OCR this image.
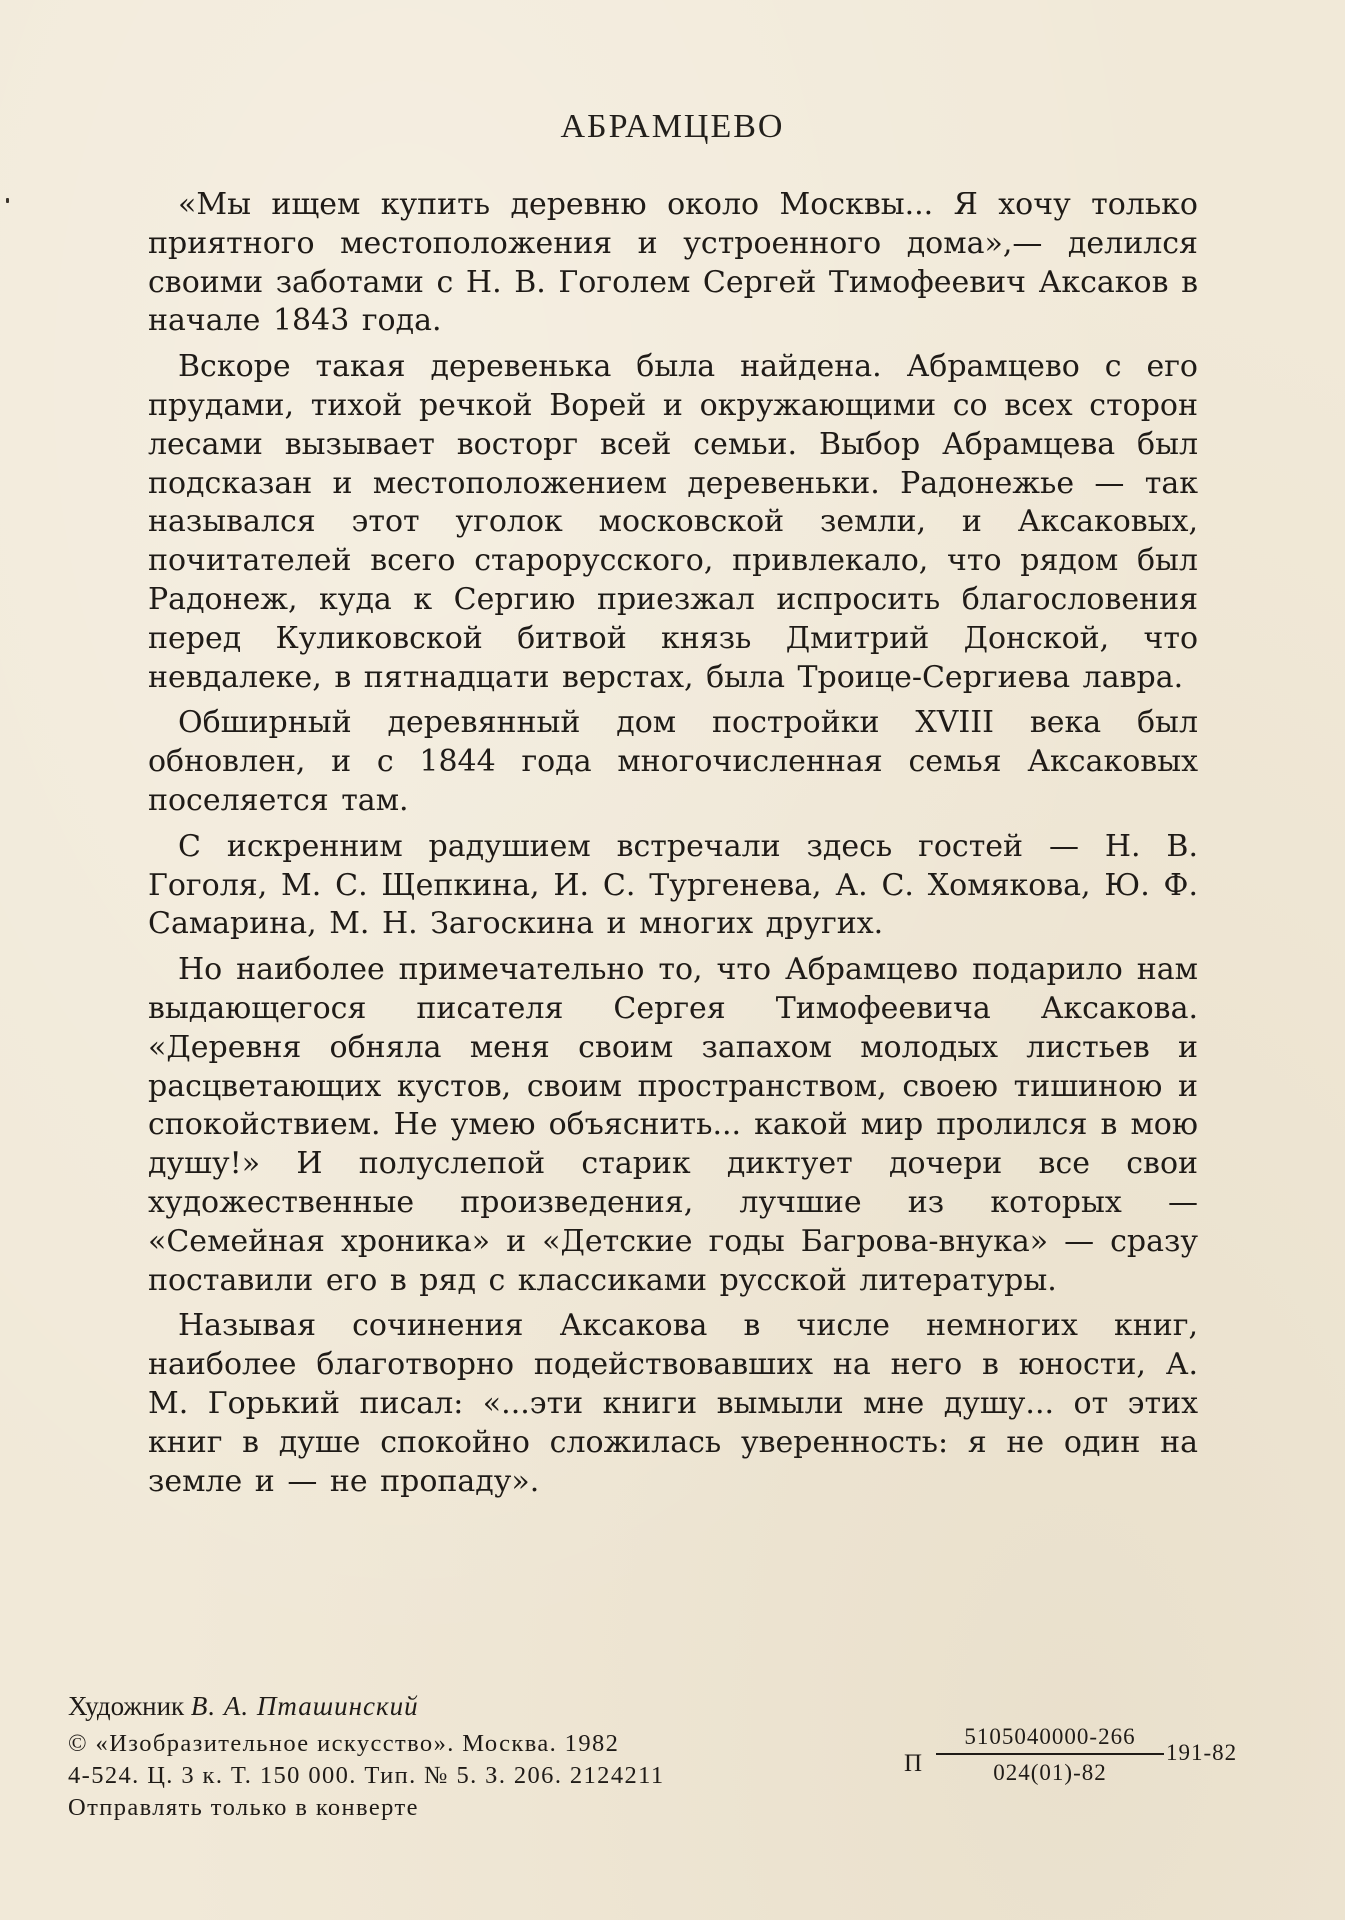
АБРАМЦЕВО

«Мы ищем купить деревню около Москвы... Я хочу только приятного местоположения и устроенного дома»,— делился своими заботами с Н. В. Гоголем Сергей Тимофеевич Аксаков в начале 1843 года.

Вскоре такая деревенька была найдена. Абрамцево с его прудами, тихой речкой Ворей и окружающими со всех сторон лесами вызывает восторг всей семьи. Выбор Абрамцева был подсказан и местоположением деревеньки. Радонежье — так назывался этот уголок московской земли, и Аксаковых, почитателей всего старорусского, привлекало, что рядом был Радонеж, куда к Сергию приезжал испросить благословения перед Куликовской битвой князь Дмитрий Донской, что невдалеке, в пятнадцати верстах, была Троице-Сергиева лавра.

Обширный деревянный дом постройки XVIII века был обновлен, и с 1844 года многочисленная семья Аксаковых поселяется там.

С искренним радушием встречали здесь гостей — Н. В. Гоголя, М. С. Щепкина, И. С. Тургенева, А. С. Хомякова, Ю. Ф. Самарина, М. Н. Загоскина и многих других.

Но наиболее примечательно то, что Абрамцево подарило нам выдающегося писателя Сергея Тимофеевича Аксакова. «Деревня обняла меня своим запахом молодых листьев и расцветающих кустов, своим пространством, своею тишиною и спокойствием. Не умею объяснить... какой мир пролился в мою душу!» И полуслепой старик диктует дочери все свои художественные произведения, лучшие из которых — «Семейная хроника» и «Детские годы Багрова-внука» — сразу поставили его в ряд с классиками русской литературы.

Называя сочинения Аксакова в числе немногих книг, наиболее благотворно подействовавших на него в юности, А. М. Горький писал: «...эти книги вымыли мне душу... от этих книг в душе спокойно сложилась уверенность: я не один на земле и — не пропаду».

Художник В. А. Пташинский

© «Изобразительное искусство». Москва. 1982
4-524. Ц. 3 к. Т. 150 000. Тип. № 5. З. 206. 2124211
Отправлять только в конверте
П $\frac{5105040000-266}{024(01)-82} 191-82$
